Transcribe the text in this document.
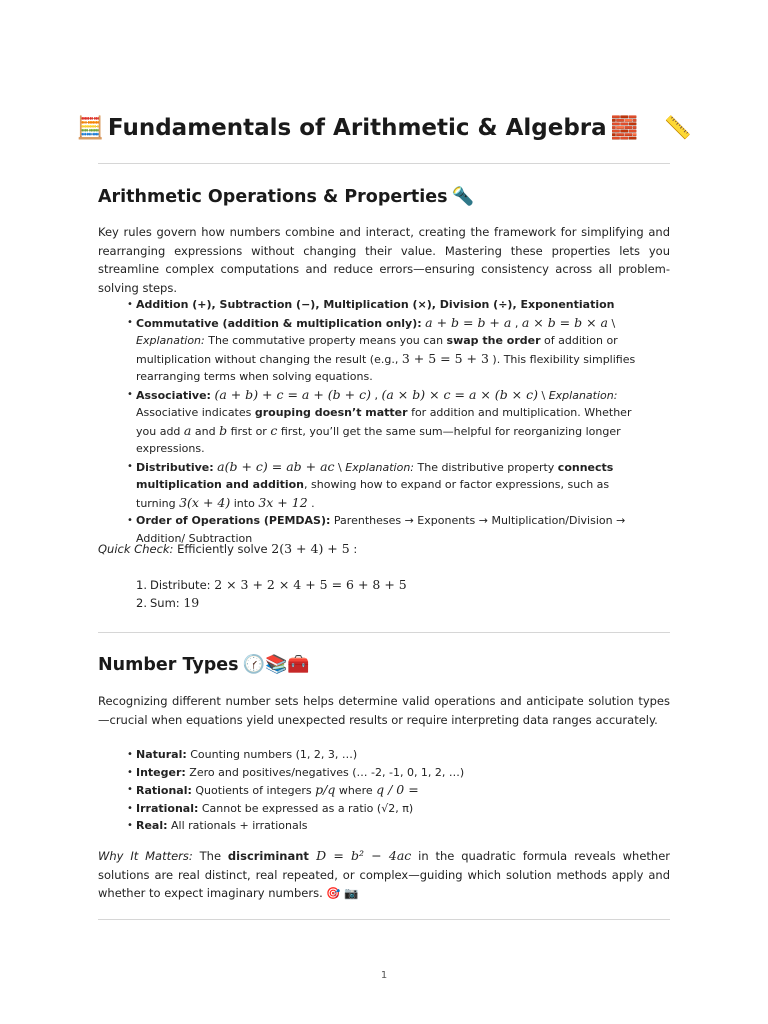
🧮 Fundamentals of Arithmetic & Algebra 🧱 📏
Arithmetic Operations & Properties 🔦

Key rules govern how numbers combine and interact, creating the framework for simplifying and rearranging expressions without changing their value. Mastering these properties lets you streamline complex computations and reduce errors—ensuring consistency across all problem-solving steps.

• Addition (+), Subtraction (−), Multiplication (×), Division (÷), Exponentiation
• Commutative (addition & multiplication only): a + b = b + a , a × b = b × a \ Explanation: The commutative property means you can swap the order of addition or multiplication without changing the result (e.g., 3 + 5 = 5 + 3 ). This flexibility simplifies rearranging terms when solving equations.
• Associative: (a + b) + c = a + (b + c) , (a × b) × c = a × (b × c) \ Explanation: Associative indicates grouping doesn’t matter for addition and multiplication. Whether you add a and b first or c first, you’ll get the same sum—helpful for reorganizing longer expressions.
• Distributive: a(b + c) = ab + ac \ Explanation: The distributive property connects multiplication and addition, showing how to expand or factor expressions, such as turning 3(x + 4) into 3x + 12 .
• Order of Operations (PEMDAS): Parentheses → Exponents → Multiplication/Division → Addition/ Subtraction

Quick Check: Efficiently solve 2(3 + 4) + 5 :

1. Distribute: 2 × 3 + 2 × 4 + 5 = 6 + 8 + 5
2. Sum: 19
Number Types 🕜📚🧰

Recognizing different number sets helps determine valid operations and anticipate solution types—crucial when equations yield unexpected results or require interpreting data ranges accurately.

• Natural: Counting numbers (1, 2, 3, …)
• Integer: Zero and positives/negatives (… -2, -1, 0, 1, 2, …)
• Rational: Quotients of integers p/q where q / 0 =
• Irrational: Cannot be expressed as a ratio (√2, π)
• Real: All rationals + irrationals

Why It Matters: The discriminant D = b² − 4ac in the quadratic formula reveals whether solutions are real distinct, real repeated, or complex—guiding which solution methods apply and whether to expect imaginary numbers. 🎯 📷

1
